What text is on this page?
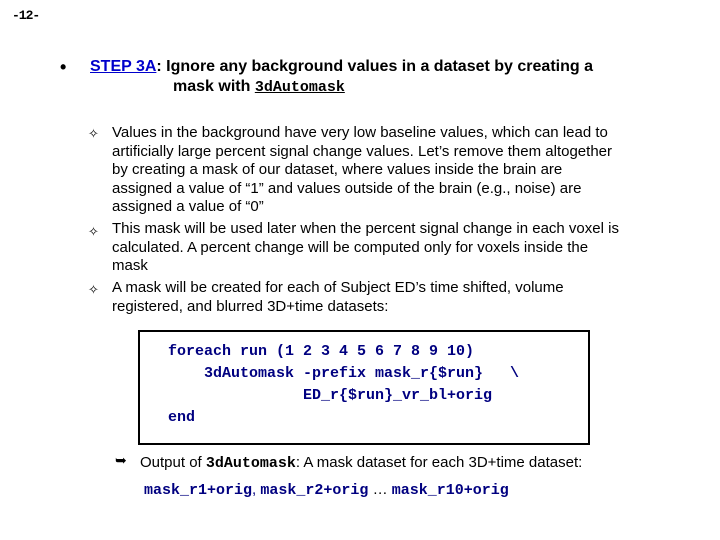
-12-
• STEP 3A: Ignore any background values in a dataset by creating a
mask with 3dAutomask
✧ Values in the background have very low baseline values, which can lead to
artificially large percent signal change values. Let’s remove them altogether
by creating a mask of our dataset, where values inside the brain are
assigned a value of “1” and values outside of the brain (e.g., noise) are
assigned a value of “0”
✧ This mask will be used later when the percent signal change in each voxel is
calculated. A percent change will be computed only for voxels inside the
mask
✧ A mask will be created for each of Subject ED’s time shifted, volume
registered, and blurred 3D+time datasets:
foreach run (1 2 3 4 5 6 7 8 9 10)
3dAutomask -prefix mask_r{$run}   \
ED_r{$run}_vr_bl+orig
end
➥ Output of 3dAutomask: A mask dataset for each 3D+time dataset:
mask_r1+orig, mask_r2+orig … mask_r10+orig
